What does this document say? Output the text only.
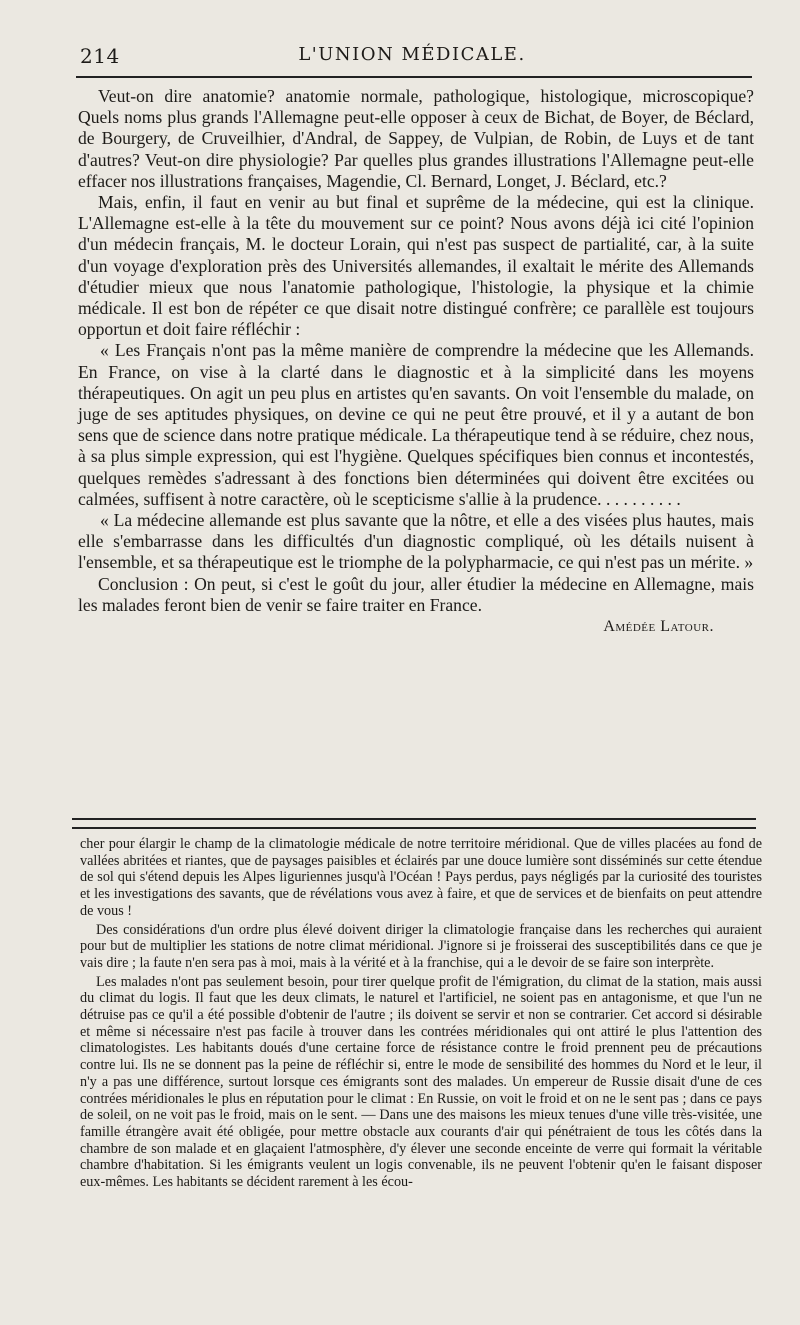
214	L'UNION MÉDICALE.

Veut-on dire anatomie? anatomie normale, pathologique, histologique, microscopique? Quels noms plus grands l'Allemagne peut-elle opposer à ceux de Bichat, de Boyer, de Béclard, de Bourgery, de Cruveilhier, d'Andral, de Sappey, de Vulpian, de Robin, de Luys et de tant d'autres? Veut-on dire physiologie? Par quelles plus grandes illustrations l'Allemagne peut-elle effacer nos illustrations françaises, Magendie, Cl. Bernard, Longet, J. Béclard, etc.?

Mais, enfin, il faut en venir au but final et suprême de la médecine, qui est la clinique. L'Allemagne est-elle à la tête du mouvement sur ce point? Nous avons déjà ici cité l'opinion d'un médecin français, M. le docteur Lorain, qui n'est pas suspect de partialité, car, à la suite d'un voyage d'exploration près des Universités allemandes, il exaltait le mérite des Allemands d'étudier mieux que nous l'anatomie pathologique, l'histologie, la physique et la chimie médicale. Il est bon de répéter ce que disait notre distingué confrère; ce parallèle est toujours opportun et doit faire réfléchir :

« Les Français n'ont pas la même manière de comprendre la médecine que les Allemands. En France, on vise à la clarté dans le diagnostic et à la simplicité dans les moyens thérapeutiques. On agit un peu plus en artistes qu'en savants. On voit l'ensemble du malade, on juge de ses aptitudes physiques, on devine ce qui ne peut être prouvé, et il y a autant de bon sens que de science dans notre pratique médicale. La thérapeutique tend à se réduire, chez nous, à sa plus simple expression, qui est l'hygiène. Quelques spécifiques bien connus et incontestés, quelques remèdes s'adressant à des fonctions bien déterminées qui doivent être excitées ou calmées, suffisent à notre caractère, où le scepticisme s'allie à la prudence. . . . . . . . . .

« La médecine allemande est plus savante que la nôtre, et elle a des visées plus hautes, mais elle s'embarrasse dans les difficultés d'un diagnostic compliqué, où les détails nuisent à l'ensemble, et sa thérapeutique est le triomphe de la polypharmacie, ce qui n'est pas un mérite. »

Conclusion : On peut, si c'est le goût du jour, aller étudier la médecine en Allemagne, mais les malades feront bien de venir se faire traiter en France.

Amédée Latour.

cher pour élargir le champ de la climatologie médicale de notre territoire méridional. Que de villes placées au fond de vallées abritées et riantes, que de paysages paisibles et éclairés par une douce lumière sont disséminés sur cette étendue de sol qui s'étend depuis les Alpes liguriennes jusqu'à l'Océan ! Pays perdus, pays négligés par la curiosité des touristes et les investigations des savants, que de révélations vous avez à faire, et que de services et de bienfaits on peut attendre de vous !

Des considérations d'un ordre plus élevé doivent diriger la climatologie française dans les recherches qui auraient pour but de multiplier les stations de notre climat méridional. J'ignore si je froisserai des susceptibilités dans ce que je vais dire ; la faute n'en sera pas à moi, mais à la vérité et à la franchise, qui a le devoir de se faire son interprète.

Les malades n'ont pas seulement besoin, pour tirer quelque profit de l'émigration, du climat de la station, mais aussi du climat du logis. Il faut que les deux climats, le naturel et l'artificiel, ne soient pas en antagonisme, et que l'un ne détruise pas ce qu'il a été possible d'obtenir de l'autre ; ils doivent se servir et non se contrarier. Cet accord si désirable et même si nécessaire n'est pas facile à trouver dans les contrées méridionales qui ont attiré le plus l'attention des climatologistes. Les habitants doués d'une certaine force de résistance contre le froid prennent peu de précautions contre lui. Ils ne se donnent pas la peine de réfléchir si, entre le mode de sensibilité des hommes du Nord et le leur, il n'y a pas une différence, surtout lorsque ces émigrants sont des malades. Un empereur de Russie disait d'une de ces contrées méridionales le plus en réputation pour le climat : En Russie, on voit le froid et on ne le sent pas ; dans ce pays de soleil, on ne voit pas le froid, mais on le sent. — Dans une des maisons les mieux tenues d'une ville très-visitée, une famille étrangère avait été obligée, pour mettre obstacle aux courants d'air qui pénétraient de tous les côtés dans la chambre de son malade et en glaçaient l'atmosphère, d'y élever une seconde enceinte de verre qui formait la véritable chambre d'habitation. Si les émigrants veulent un logis convenable, ils ne peuvent l'obtenir qu'en le faisant disposer eux-mêmes. Les habitants se décident rarement à les écou-
